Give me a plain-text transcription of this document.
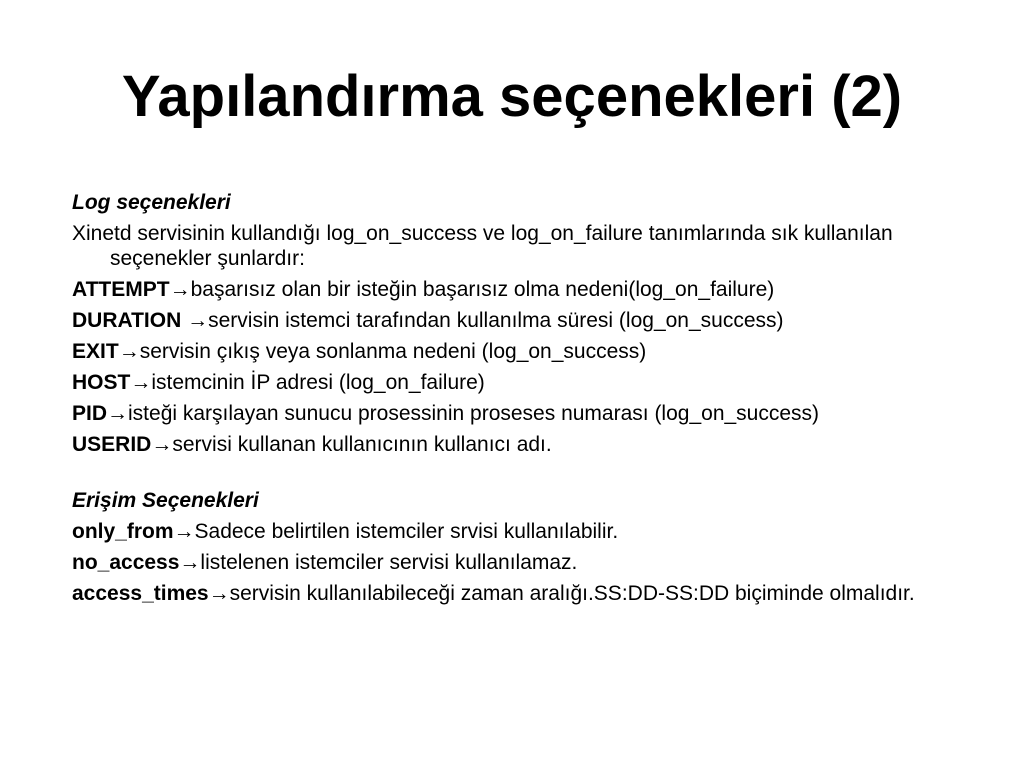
Yapılandırma seçenekleri (2)
Log seçenekleri
Xinetd servisinin kullandığı log_on_success ve log_on_failure tanımlarında sık kullanılan seçenekler şunlardır:
ATTEMPT→başarısız olan bir isteğin başarısız olma nedeni(log_on_failure)
DURATION →servisin istemci tarafından kullanılma süresi (log_on_success)
EXIT→servisin çıkış veya sonlanma nedeni (log_on_success)
HOST→istemcinin İP adresi (log_on_failure)
PID→isteği karşılayan sunucu prosessinin proseses numarası (log_on_success)
USERID→servisi kullanan kullanıcının kullanıcı adı.
Erişim Seçenekleri
only_from→Sadece belirtilen istemciler srvisi kullanılabilir.
no_access→listelenen istemciler servisi kullanılamaz.
access_times→servisin kullanılabileceği zaman aralığı.SS:DD-SS:DD biçiminde olmalıdır.
